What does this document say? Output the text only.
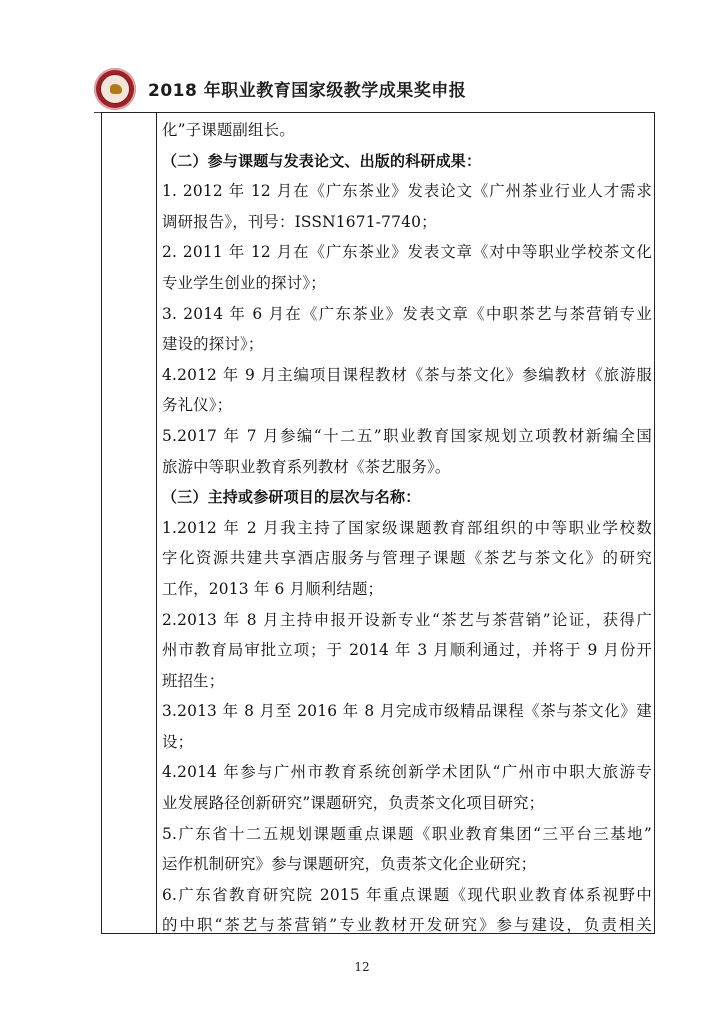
2018 年职业教育国家级教学成果奖申报
化”子课题副组长。
（二）参与课题与发表论文、出版的科研成果：
1. 2012 年 12 月在《广东茶业》发表论文《广州茶业行业人才需求
调研报告》，刊号：ISSN1671-7740；
2. 2011 年 12 月在《广东茶业》发表文章《对中等职业学校茶文化
专业学生创业的探讨》；
3. 2014 年 6 月在《广东茶业》发表文章《中职茶艺与茶营销专业
建设的探讨》；
4.2012 年 9 月主编项目课程教材《茶与茶文化》参编教材《旅游服
务礼仪》；
5.2017 年 7 月参编“十二五”职业教育国家规划立项教材新编全国
旅游中等职业教育系列教材《茶艺服务》。
（三）主持或参研项目的层次与名称：
1.2012 年 2 月我主持了国家级课题教育部组织的中等职业学校数
字化资源共建共享酒店服务与管理子课题《茶艺与茶文化》的研究
工作，2013 年 6 月顺利结题；
2.2013 年 8 月主持申报开设新专业“茶艺与茶营销”论证，获得广
州市教育局审批立项；于 2014 年 3 月顺利通过，并将于 9 月份开
班招生；
3.2013 年 8 月至 2016 年 8 月完成市级精品课程《茶与茶文化》建
设；
4.2014 年参与广州市教育系统创新学术团队“广州市中职大旅游专
业发展路径创新研究”课题研究，负责茶文化项目研究；
5.广东省十二五规划课题重点课题《职业教育集团“三平台三基地”
运作机制研究》参与课题研究，负责茶文化企业研究；
6.广东省教育研究院 2015 年重点课题《现代职业教育体系视野中
的中职“茶艺与茶营销”专业教材开发研究》参与建设，负责相关
12
